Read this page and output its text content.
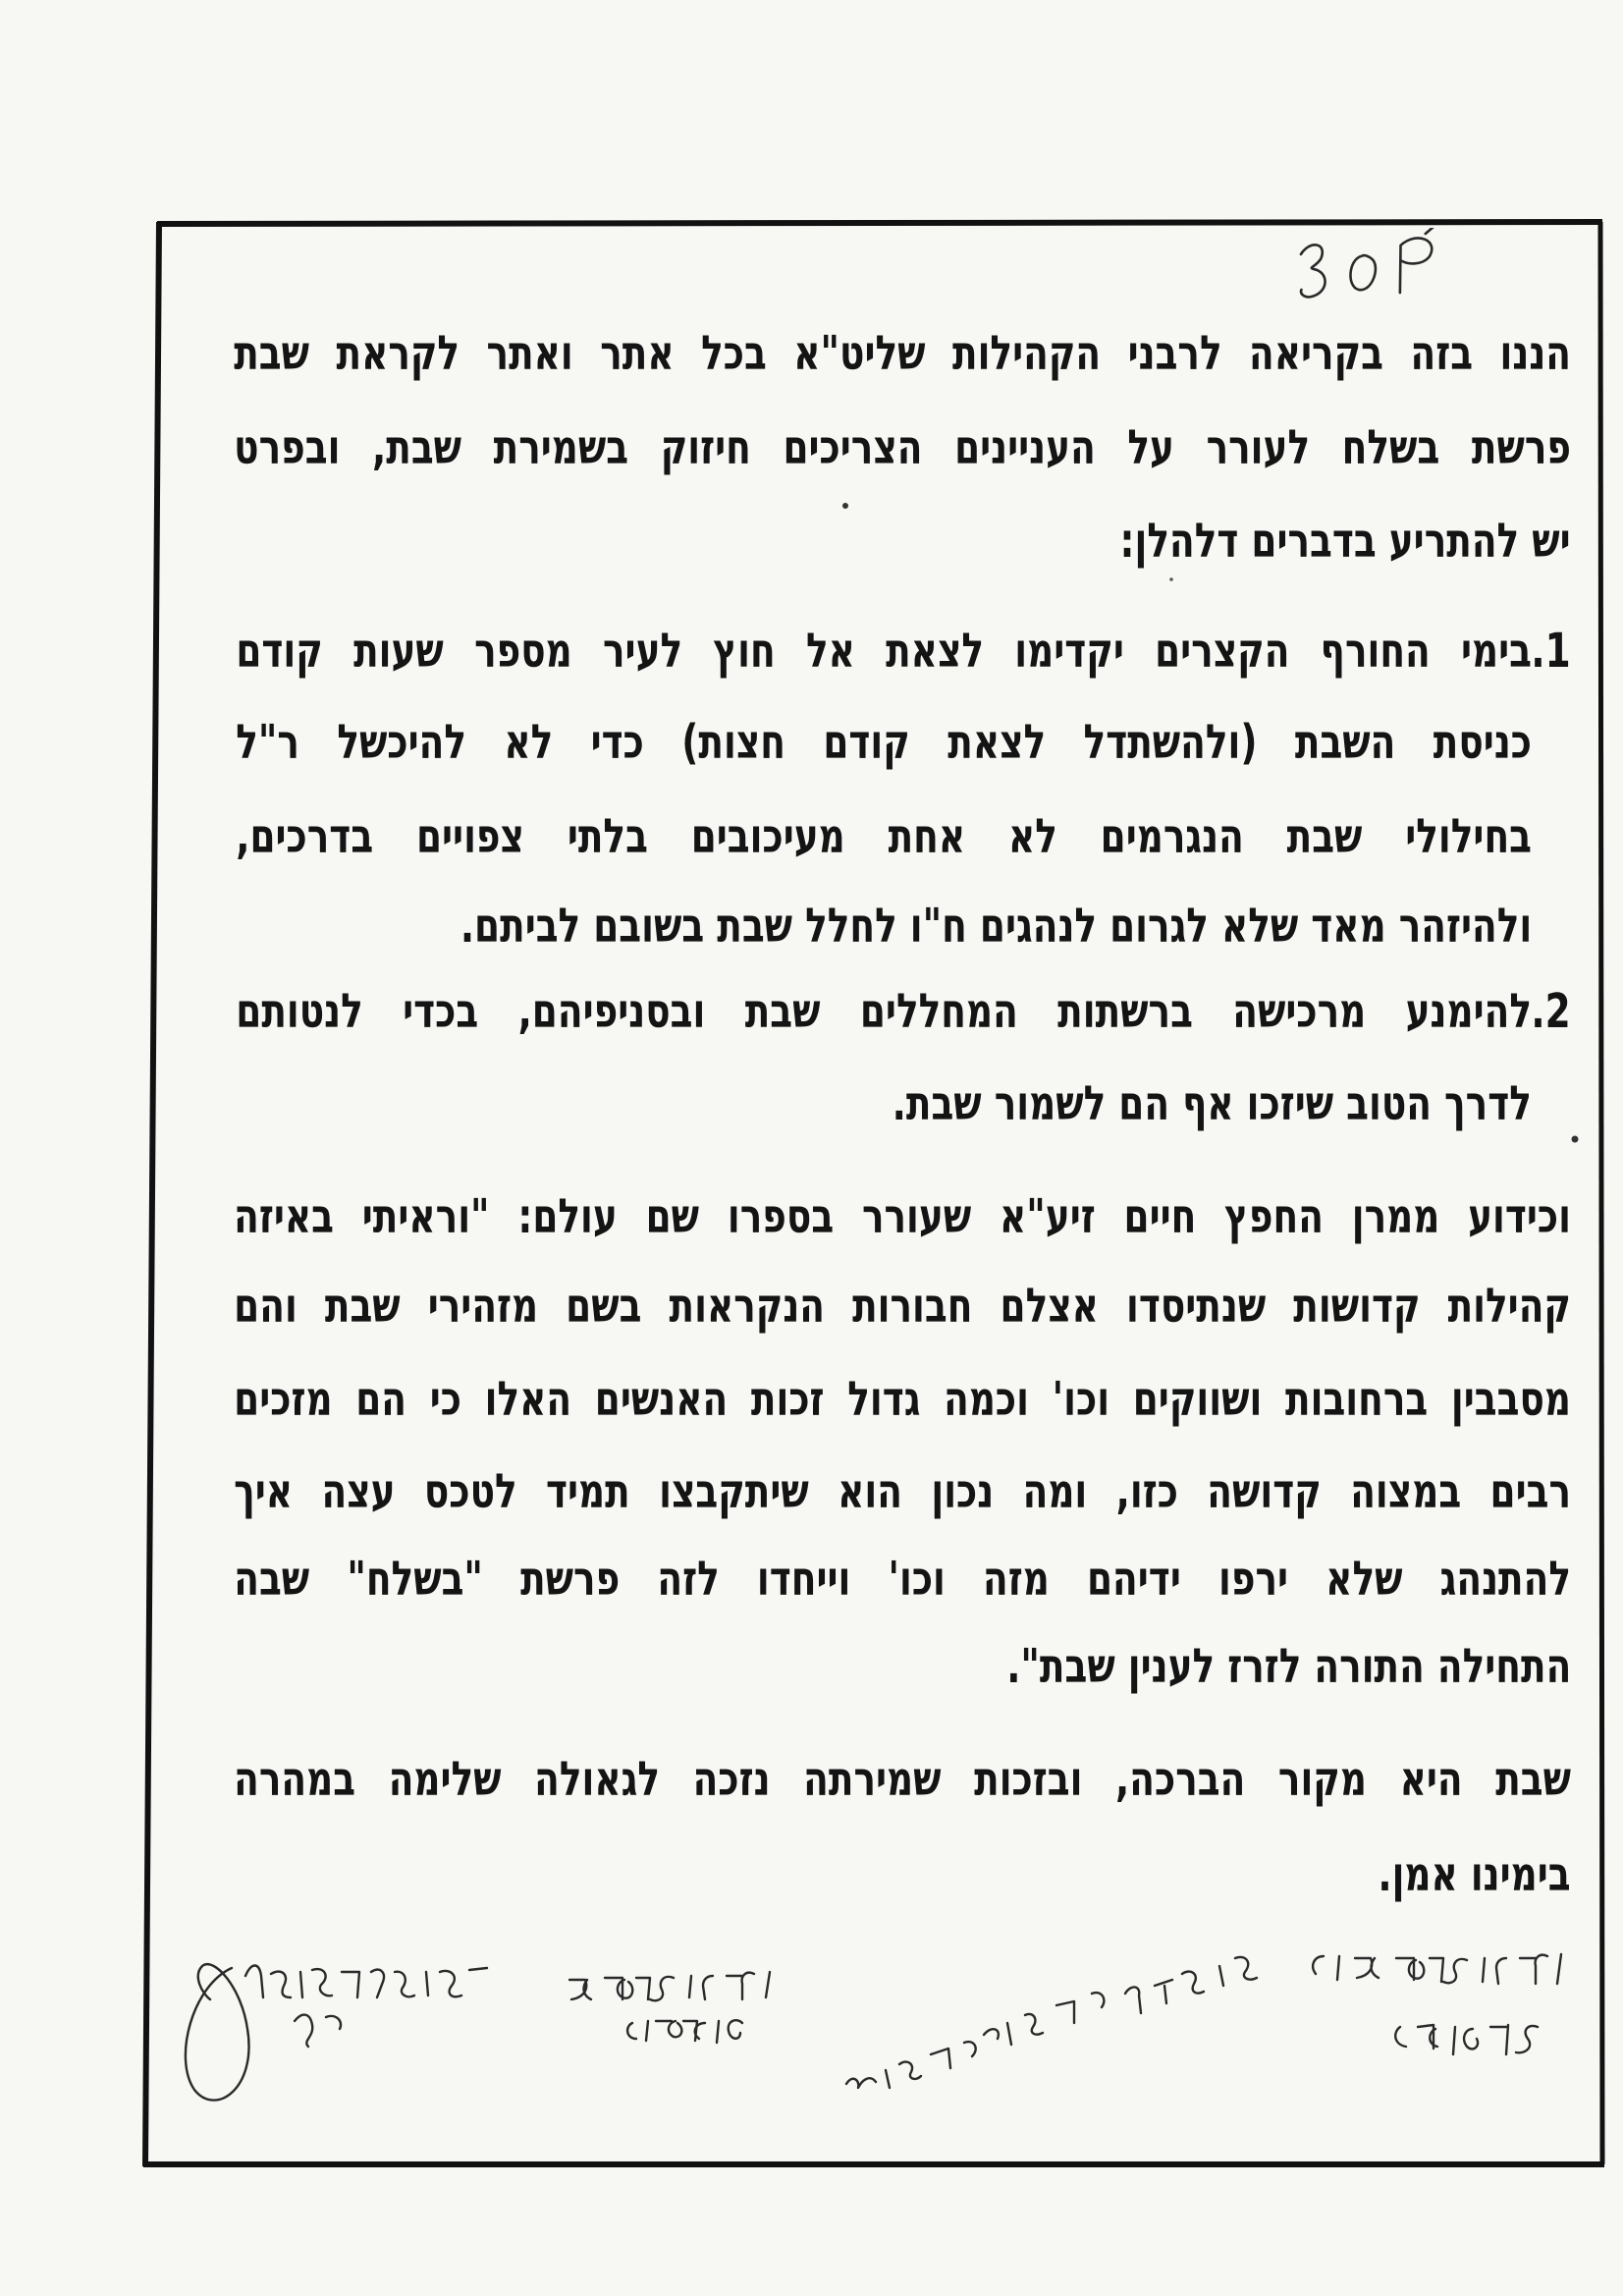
הננו
בזה
בקריאה
לרבני
הקהילות
שליט"א
בכל
אתר
ואתר
לקראת
שבת
פרשת
בשלח
לעורר
על
העניינים
הצריכים
חיזוק
בשמירת
שבת,
ובפרט
יש להתריע בדברים דלהלן:
1.
בימי
החורף
הקצרים
יקדימו
לצאת
אל
חוץ
לעיר
מספר
שעות
קודם
כניסת
השבת
(ולהשתדל
לצאת
קודם
חצות)
כדי
לא
להיכשל
ר"ל
בחילולי
שבת
הנגרמים
לא
אחת
מעיכובים
בלתי
צפויים
בדרכים,
ולהיזהר מאד שלא לגרום לנהגים ח"ו לחלל שבת בשובם לביתם.
2.
להימנע
מרכישה
ברשתות
המחללים
שבת
ובסניפיהם,
בכדי
לנטותם
לדרך הטוב שיזכו אף הם לשמור שבת.
וכידוע
ממרן
החפץ
חיים
זיע"א
שעורר
בספרו
שם
עולם:
"וראיתי
באיזה
קהילות
קדושות
שנתיסדו
אצלם
חבורות
הנקראות
בשם
מזהירי
שבת
והם
מסבבין
ברחובות
ושווקים
וכו'
וכמה
גדול
זכות
האנשים
האלו
כי
הם
מזכים
רבים
במצוה
קדושה
כזו,
ומה
נכון
הוא
שיתקבצו
תמיד
לטכס
עצה
איך
להתנהג
שלא
ירפו
ידיהם
מזה
וכו'
וייחדו
לזה
פרשת
"בשלח"
שבה
התחילה התורה לזרז לענין שבת".
שבת
היא
מקור
הברכה,
ובזכות
שמירתה
נזכה
לגאולה
שלימה
במהרה
בימינו אמן.
